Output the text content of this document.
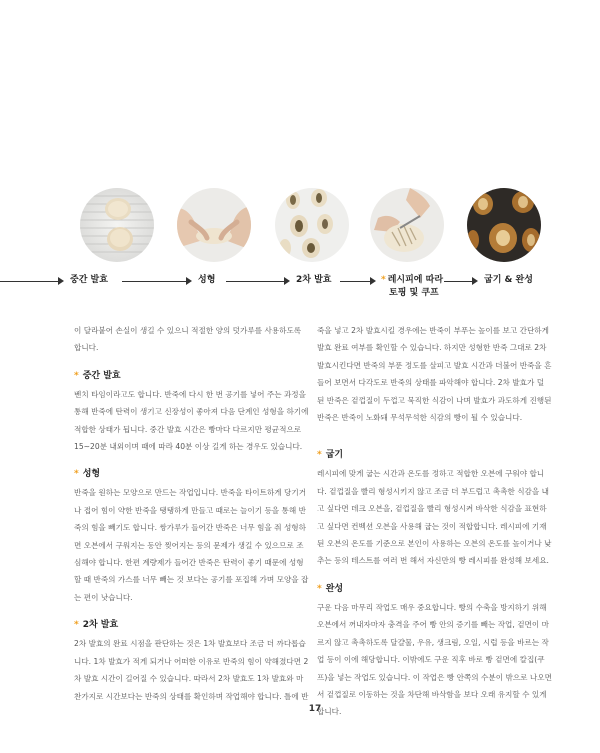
중간 발효	성형	2차 발효	* 레시피에 따라
토핑 및 쿠프
굽기 & 완성

이 달라붙어 손실이 생길 수 있으니 적절한 양의 덧가루를 사용하도록 합니다.

* 중간 발효

벤치 타임이라고도 합니다. 반죽에 다시 한 번 공기를 넣어 주는 과정을 통해 반죽에 탄력이 생기고 신장성이 좋아져 다음 단계인 성형을 하기에 적합한 상태가 됩니다. 중간 발효 시간은 빵마다 다르지만 평균적으로 15~20분 내외이며 때에 따라 40분 이상 길게 하는 경우도 있습니다.

* 성형

반죽을 원하는 모양으로 만드는 작업입니다. 반죽을 타이트하게 당기거나 접어 힘이 약한 반죽을 탱탱하게 만들고 때로는 늘이기 등을 통해 반죽의 힘을 빼기도 합니다. 쌍가루가 들어간 반죽은 너무 힘을 줘 성형하면 오븐에서 구워지는 동안 찢어지는 등의 문제가 생길 수 있으므로 조심해야 합니다. 한편 계량제가 들어간 반죽은 탄력이 좋기 때문에 성형할 때 반죽의 가스를 너무 빼는 것 보다는 공기를 포집해 가며 모양을 잡는 편이 낫습니다.

* 2차 발효

2차 발효의 완료 시점을 판단하는 것은 1차 발효보다 조금 더 까다롭습니다. 1차 발효가 적게 되거나 어떠한 이유로 반죽의 힘이 약해졌다면 2차 발효 시간이 길어질 수 있습니다. 따라서 2차 발효도 1차 발효와 마찬가지로 시간보다는 반죽의 상태를 확인하며 작업해야 합니다. 틀에 반

죽을 넣고 2차 발효시킬 경우에는 반죽이 부푸는 높이를 보고 간단하게 발효 완료 여부를 확인할 수 있습니다. 하지만 성형한 반죽 그대로 2차 발효시킨다면 반죽의 부푼 정도를 살피고 발효 시간과 더불어 반죽을 흔들어 보면서 다각도로 반죽의 상태를 파악해야 합니다. 2차 발효가 덜 된 반죽은 겉껍질이 두껍고 묵직한 식감이 나며 발효가 과도하게 진행된 반죽은 반죽이 노화돼 무석무석한 식감의 빵이 될 수 있습니다.

* 굽기

레시피에 맞게 굽는 시간과 온도를 정하고 적합한 오븐에 구워야 합니다. 겉껍질을 빨리 형성시키지 않고 조금 더 부드럽고 촉촉한 식감을 내고 싶다면 데크 오븐을, 겉껍질을 빨리 형성시켜 바삭한 식감을 표현하고 싶다면 컨벡션 오븐을 사용해 굽는 것이 적합합니다. 레시피에 기재된 오븐의 온도를 기준으로 본인이 사용하는 오븐의 온도를 높이거나 낮추는 등의 테스트를 여러 번 해서 자신만의 빵 레시피를 완성해 보세요.

* 완성

구운 다음 마무리 작업도 매우 중요합니다. 빵의 수축을 방지하기 위해 오븐에서 꺼내자마자 충격을 주어 빵 안의 증기를 빼는 작업, 겉면이 마르지 않고 촉촉하도록 달걀물, 우유, 생크림, 오일, 시럽 등을 바르는 작업 등이 이에 해당합니다. 이밖에도 구운 직후 바로 빵 겉면에 칼집(쿠프)을 넣는 작업도 있습니다. 이 작업은 빵 안쪽의 수분이 밖으로 나오면서 겉껍질로 이동하는 것을 차단해 바삭함을 보다 오래 유지할 수 있게 합니다.

17
